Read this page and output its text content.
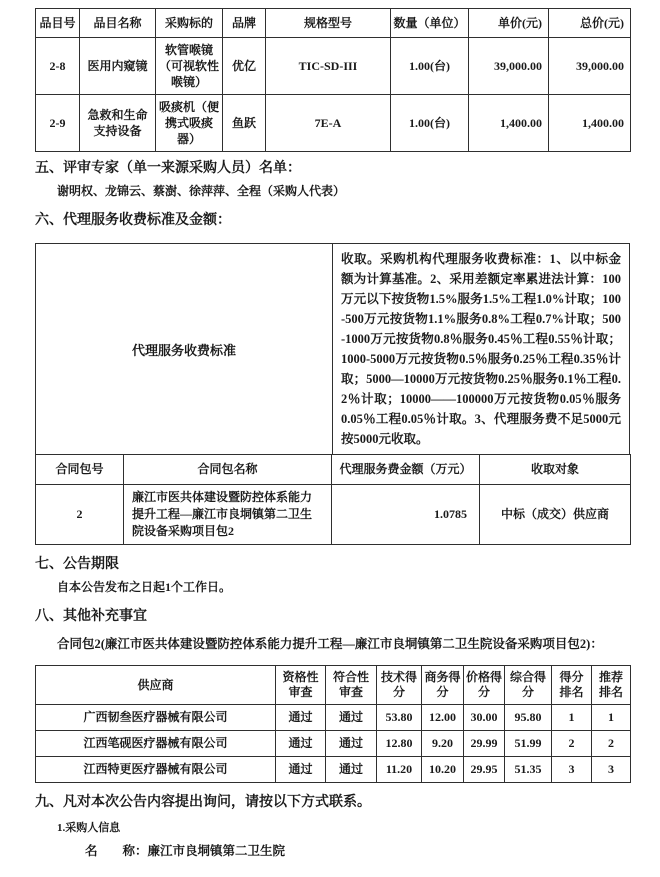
品目号	品目名称	采购标的	品牌	规格型号	数量（单位）	单价(元)	总价(元)
2-8	医用内窥镜	软管喉镜（可视软性喉镜）	优亿	TIC-SD-III	1.00(台)	39,000.00	39,000.00
2-9	急救和生命支持设备	吸痰机（便携式吸痰器）	鱼跃	7E-A	1.00(台)	1,400.00	1,400.00
五、评审专家（单一来源采购人员）名单：

谢明权、龙锦云、蔡澍、徐萍萍、全程（采购人代表）

六、代理服务收费标准及金额：
代理服务收费标准	收取。采购机构代理服务收费标准：1、以中标金额为计算基准。2、采用差额定率累进法计算：100万元以下按货物1.5%服务1.5%工程1.0%计取；100-500万元按货物1.1%服务0.8%工程0.7%计取；500-1000万元按货物0.8％服务0.45％工程0.55％计取；1000-5000万元按货物0.5％服务0.25％工程0.35％计取；5000—10000万元按货物0.25％服务0.1％工程0.2％计取；10000——100000万元按货物0.05％服务0.05％工程0.05％计取。3、代理服务费不足5000元按5000元收取。
合同包号	合同包名称	代理服务费金额（万元）	收取对象
2	廉江市医共体建设暨防控体系能力提升工程—廉江市良垌镇第二卫生院设备采购项目包2	1.0785	中标（成交）供应商
七、公告期限

自本公告发布之日起1个工作日。

八、其他补充事宜

合同包2(廉江市医共体建设暨防控体系能力提升工程—廉江市良垌镇第二卫生院设备采购项目包2)：

供应商	资格性审查	符合性审查	技术得分	商务得分	价格得分	综合得分	得分排名	推荐排名
广西韧叁医疗器械有限公司	通过	通过	53.80	12.00	30.00	95.80	1	1
江西笔砚医疗器械有限公司	通过	通过	12.80	9.20	29.99	51.99	2	2
江西特更医疗器械有限公司	通过	通过	11.20	10.20	29.95	51.35	3	3
九、凡对本次公告内容提出询问，请按以下方式联系。

1.采购人信息

名　　称：廉江市良垌镇第二卫生院
